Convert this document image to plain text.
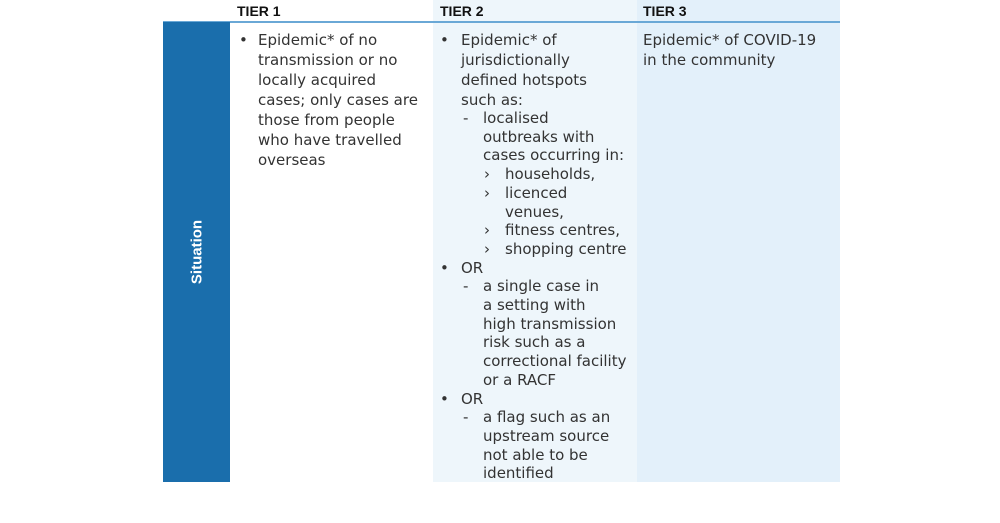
TIER 1	TIER 2	TIER 3
Situation
• Epidemic* of no
transmission or no
locally acquired
cases; only cases are
those from people
who have travelled
overseas
• Epidemic* of
jurisdictionally
defined hotspots
such as:
- localised
outbreaks with
cases occurring in:
› households,
› licenced
venues,
› fitness centres,
› shopping centre
• OR
- a single case in
a setting with
high transmission
risk such as a
correctional facility
or a RACF
• OR
- a flag such as an
upstream source
not able to be
identified
Epidemic* of COVID-19
in the community
